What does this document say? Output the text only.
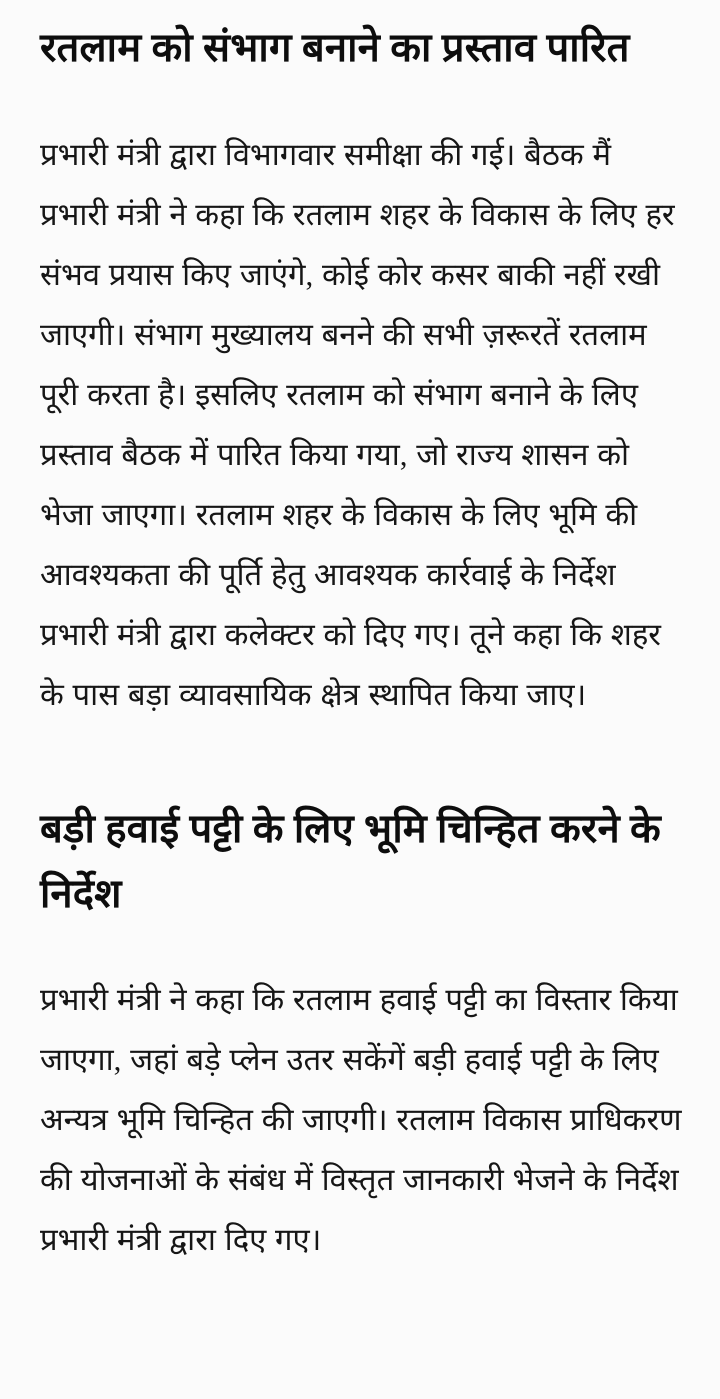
रतलाम को संभाग बनाने का प्रस्ताव पारित

प्रभारी मंत्री द्वारा विभागवार समीक्षा की गई। बैठक मैं प्रभारी मंत्री ने कहा कि रतलाम शहर के विकास के लिए हर संभव प्रयास किए जाएंगे, कोई कोर कसर बाकी नहीं रखी जाएगी। संभाग मुख्यालय बनने की सभी ज़रूरतें रतलाम पूरी करता है। इसलिए रतलाम को संभाग बनाने के लिए प्रस्ताव बैठक में पारित किया गया, जो राज्य शासन को भेजा जाएगा। रतलाम शहर के विकास के लिए भूमि की आवश्यकता की पूर्ति हेतु आवश्यक कार्रवाई के निर्देश प्रभारी मंत्री द्वारा कलेक्टर को दिए गए। तूने कहा कि शहर के पास बड़ा व्यावसायिक क्षेत्र स्थापित किया जाए।

बड़ी हवाई पट्टी के लिए भूमि चिन्हित करने के निर्देश

प्रभारी मंत्री ने कहा कि रतलाम हवाई पट्टी का विस्तार किया जाएगा, जहां बड़े प्लेन उतर सकेंगें बड़ी हवाई पट्टी के लिए अन्यत्र भूमि चिन्हित की जाएगी। रतलाम विकास प्राधिकरण की योजनाओं के संबंध में विस्तृत जानकारी भेजने के निर्देश प्रभारी मंत्री द्वारा दिए गए।
